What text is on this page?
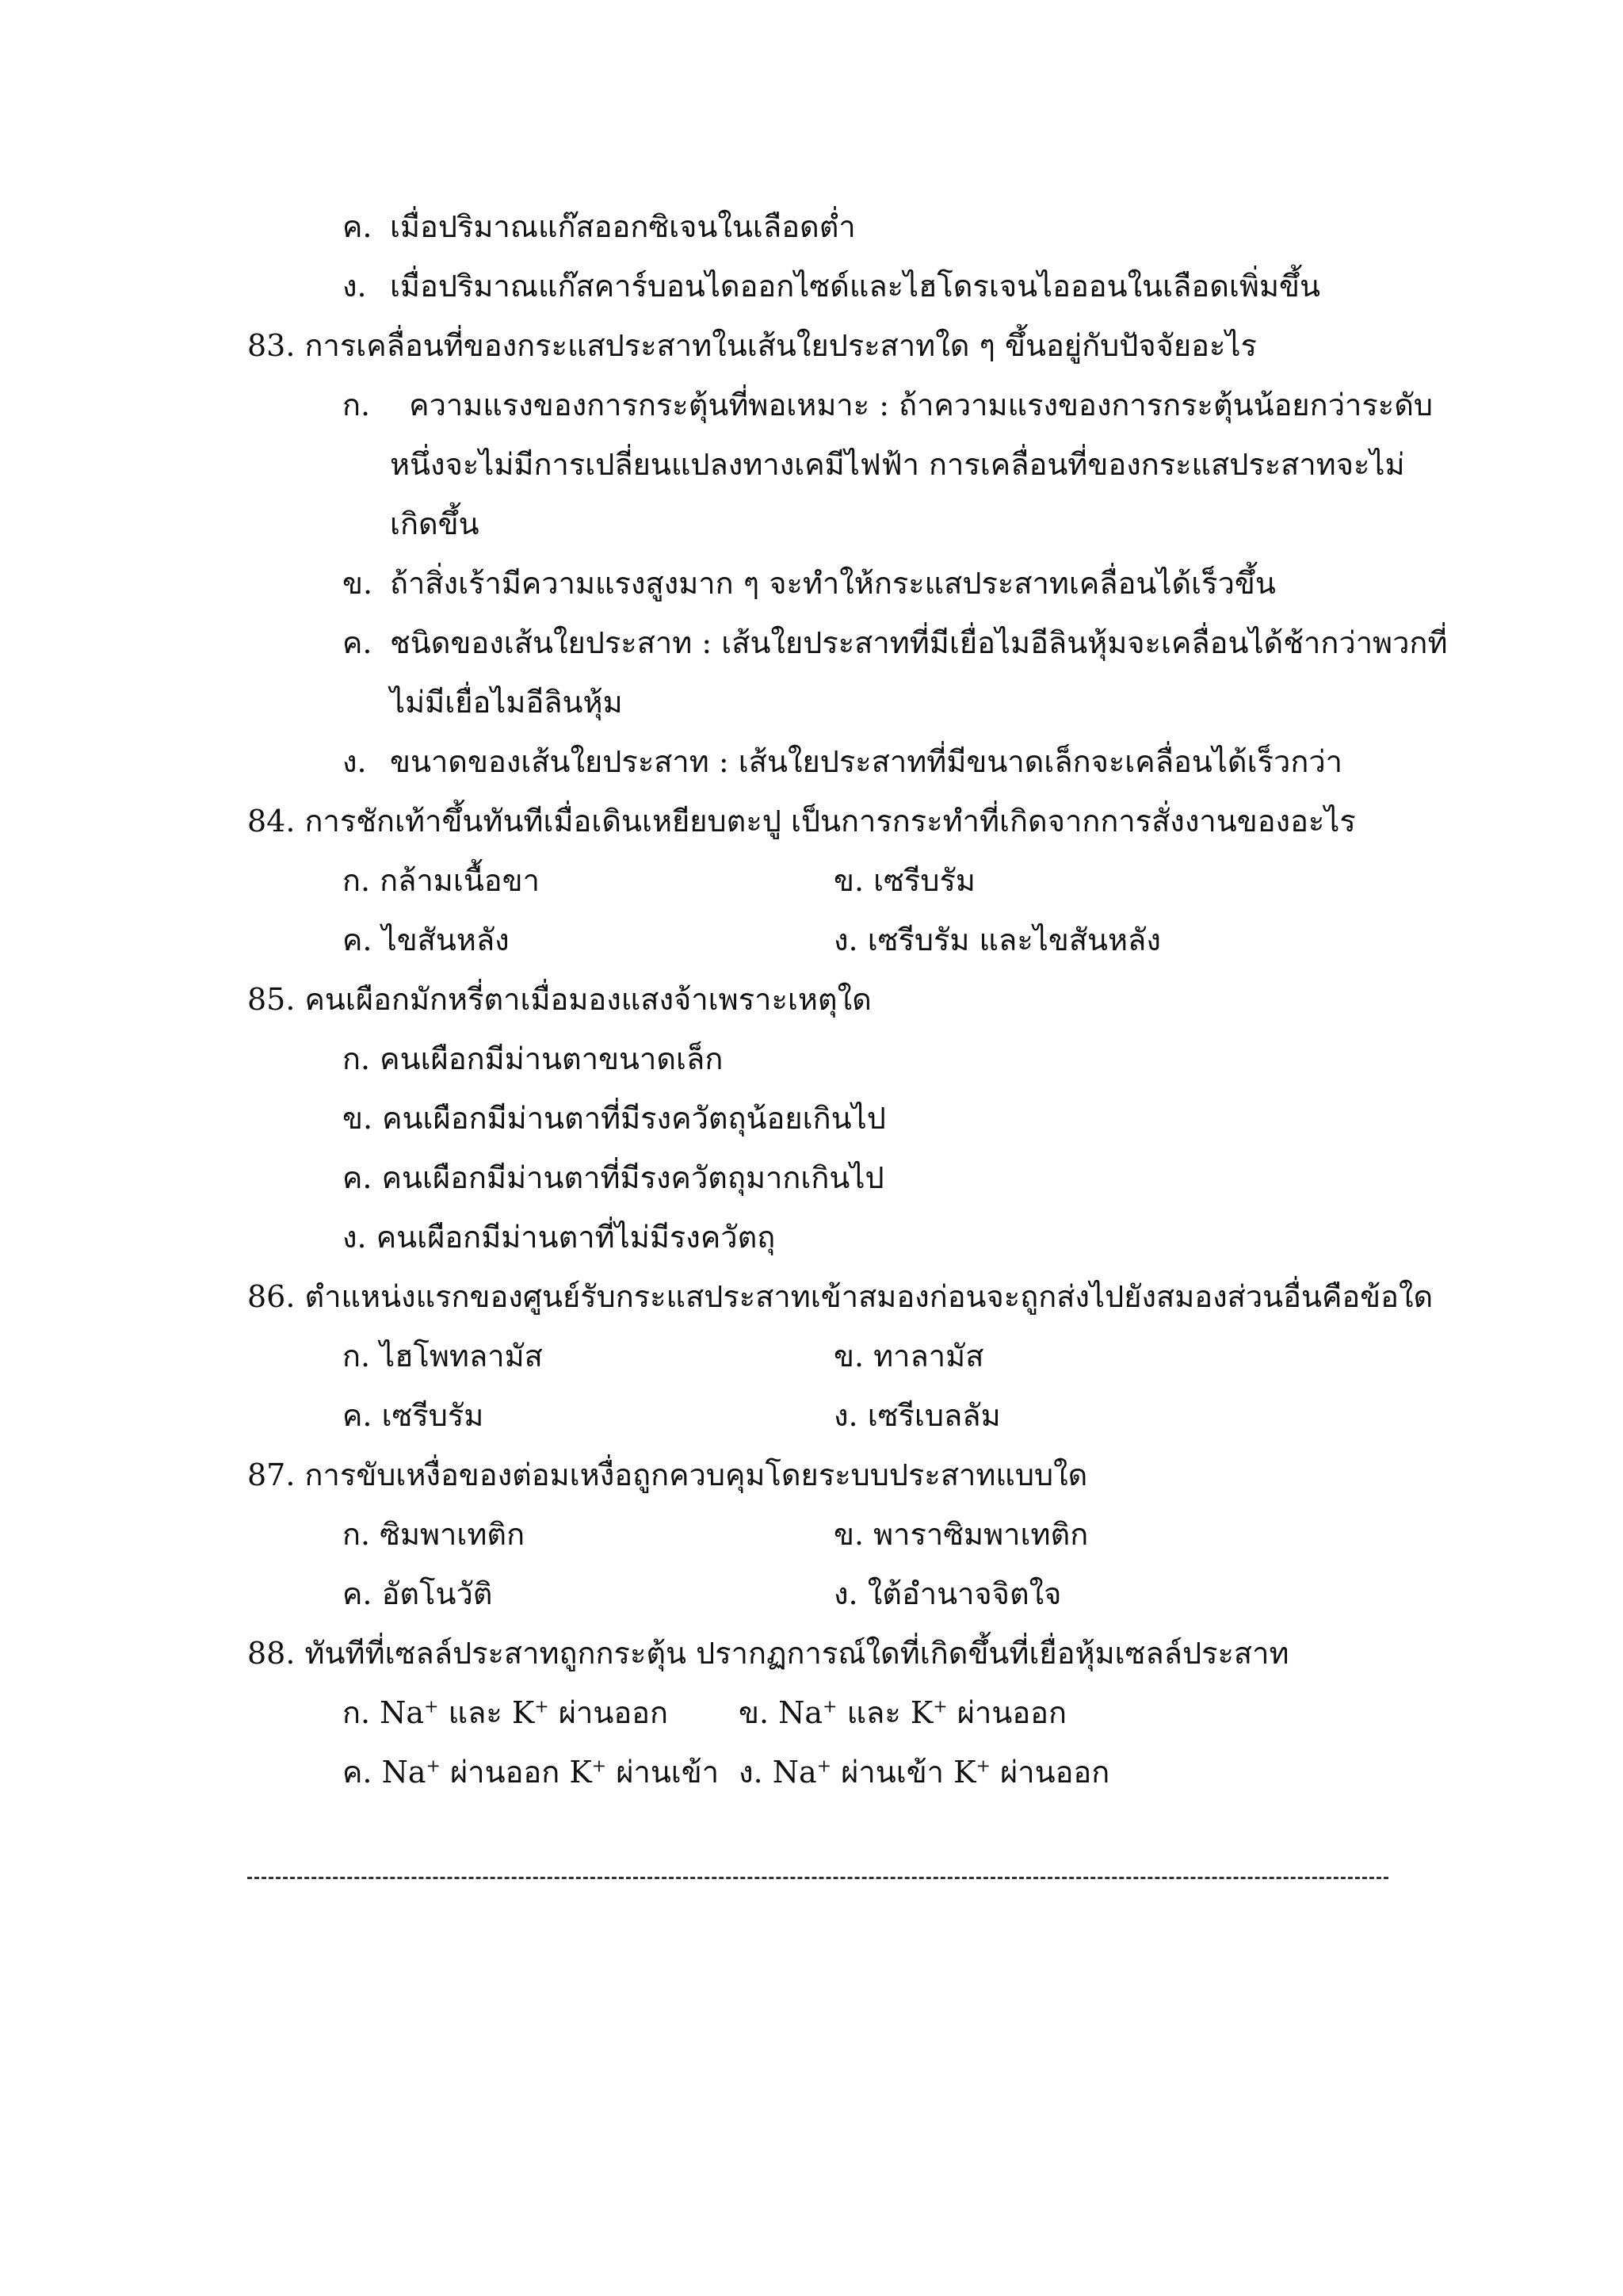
ค. เมื่อปริมาณแก๊สออกซิเจนในเลือดต่ำ
ง. เมื่อปริมาณแก๊สคาร์บอนไดออกไซด์และไฮโดรเจนไอออนในเลือดเพิ่มขึ้น
83. การเคลื่อนที่ของกระแสประสาทในเส้นใยประสาทใด ๆ ขึ้นอยู่กับปัจจัยอะไร
ก. ความแรงของการกระตุ้นที่พอเหมาะ : ถ้าความแรงของการกระตุ้นน้อยกว่าระดับ
หนึ่งจะไม่มีการเปลี่ยนแปลงทางเคมีไฟฟ้า การเคลื่อนที่ของกระแสประสาทจะไม่
เกิดขึ้น
ข. ถ้าสิ่งเร้ามีความแรงสูงมาก ๆ จะทำให้กระแสประสาทเคลื่อนได้เร็วขึ้น
ค. ชนิดของเส้นใยประสาท : เส้นใยประสาทที่มีเยื่อไมอีลินหุ้มจะเคลื่อนได้ช้ากว่าพวกที่
ไม่มีเยื่อไมอีลินหุ้ม
ง. ขนาดของเส้นใยประสาท : เส้นใยประสาทที่มีขนาดเล็กจะเคลื่อนได้เร็วกว่า
84. การชักเท้าขึ้นทันทีเมื่อเดินเหยียบตะปู เป็นการกระทำที่เกิดจากการสั่งงานของอะไร
ก. กล้ามเนื้อขา	ข. เซรีบรัม
ค. ไขสันหลัง	ง. เซรีบรัม และไขสันหลัง
85. คนเผือกมักหรี่ตาเมื่อมองแสงจ้าเพราะเหตุใด
ก. คนเผือกมีม่านตาขนาดเล็ก
ข. คนเผือกมีม่านตาที่มีรงควัตถุน้อยเกินไป
ค. คนเผือกมีม่านตาที่มีรงควัตถุมากเกินไป
ง. คนเผือกมีม่านตาที่ไม่มีรงควัตถุ
86. ตำแหน่งแรกของศูนย์รับกระแสประสาทเข้าสมองก่อนจะถูกส่งไปยังสมองส่วนอื่นคือข้อใด
ก. ไฮโพทลามัส	ข. ทาลามัส
ค. เซรีบรัม	ง. เซรีเบลลัม
87. การขับเหงื่อของต่อมเหงื่อถูกควบคุมโดยระบบประสาทแบบใด
ก. ซิมพาเทติก	ข. พาราซิมพาเทติก
ค. อัตโนวัติ	ง. ใต้อำนาจจิตใจ
88. ทันทีที่เซลล์ประสาทถูกกระตุ้น ปรากฏการณ์ใดที่เกิดขึ้นที่เยื่อหุ้มเซลล์ประสาท
ก. Na+ และ K+ ผ่านออก ข. Na+ และ K+ ผ่านออก
ค. Na+ ผ่านออก K+ ผ่านเข้า ง. Na+ ผ่านเข้า K+ ผ่านออก
